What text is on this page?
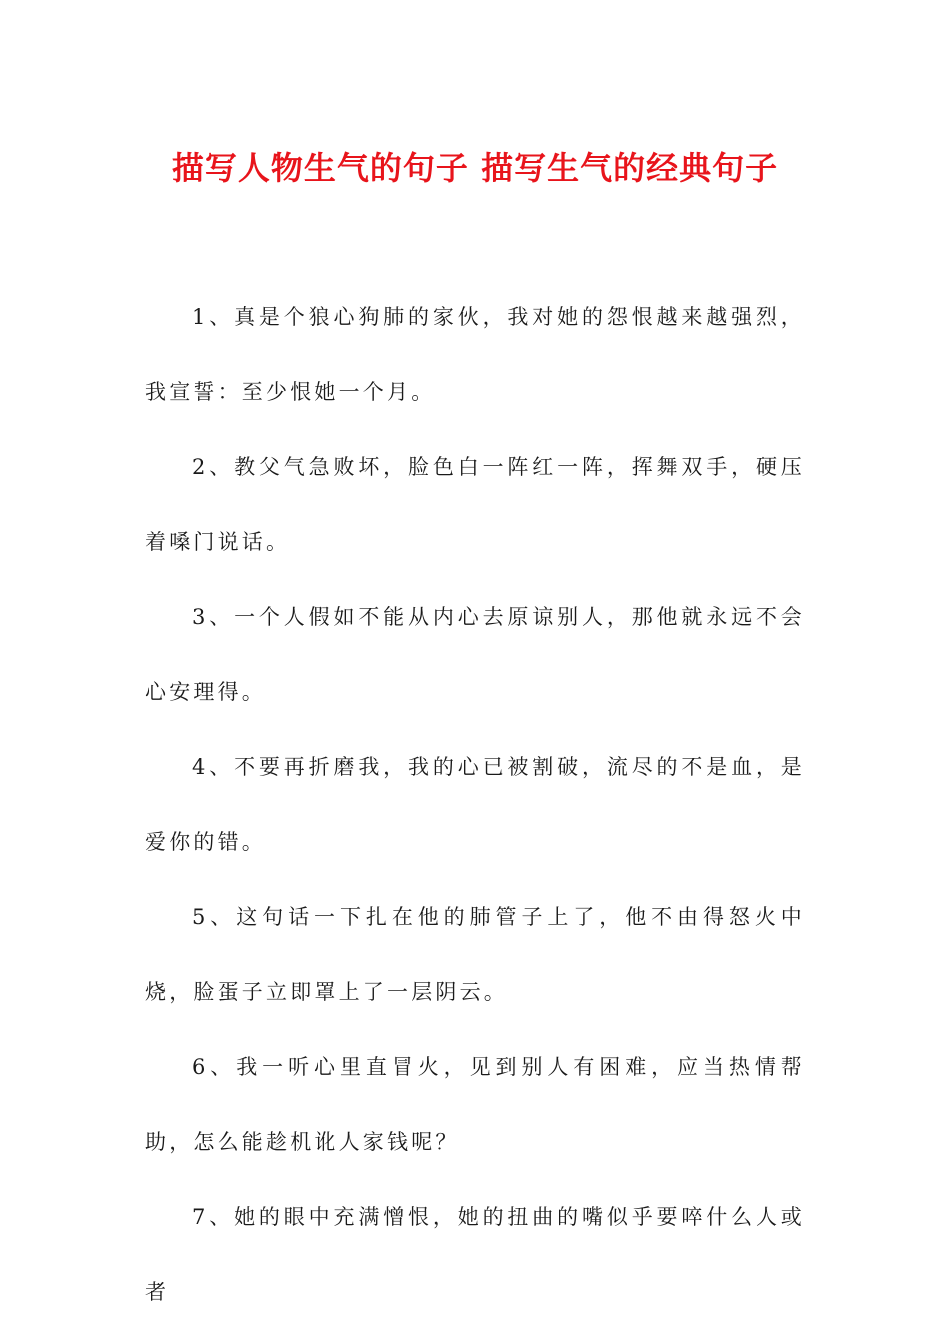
描写人物生气的句子 描写生气的经典句子

1、真是个狼心狗肺的家伙，我对她的怨恨越来越强烈，我宣誓：至少恨她一个月。

2、教父气急败坏，脸色白一阵红一阵，挥舞双手，硬压着嗓门说话。

3、一个人假如不能从内心去原谅别人，那他就永远不会心安理得。

4、不要再折磨我，我的心已被割破，流尽的不是血，是爱你的错。

5、这句话一下扎在他的肺管子上了，他不由得怒火中烧，脸蛋子立即罩上了一层阴云。

6、我一听心里直冒火，见到别人有困难，应当热情帮助，怎么能趁机讹人家钱呢？

7、她的眼中充满憎恨，她的扭曲的嘴似乎要啐什么人或者
